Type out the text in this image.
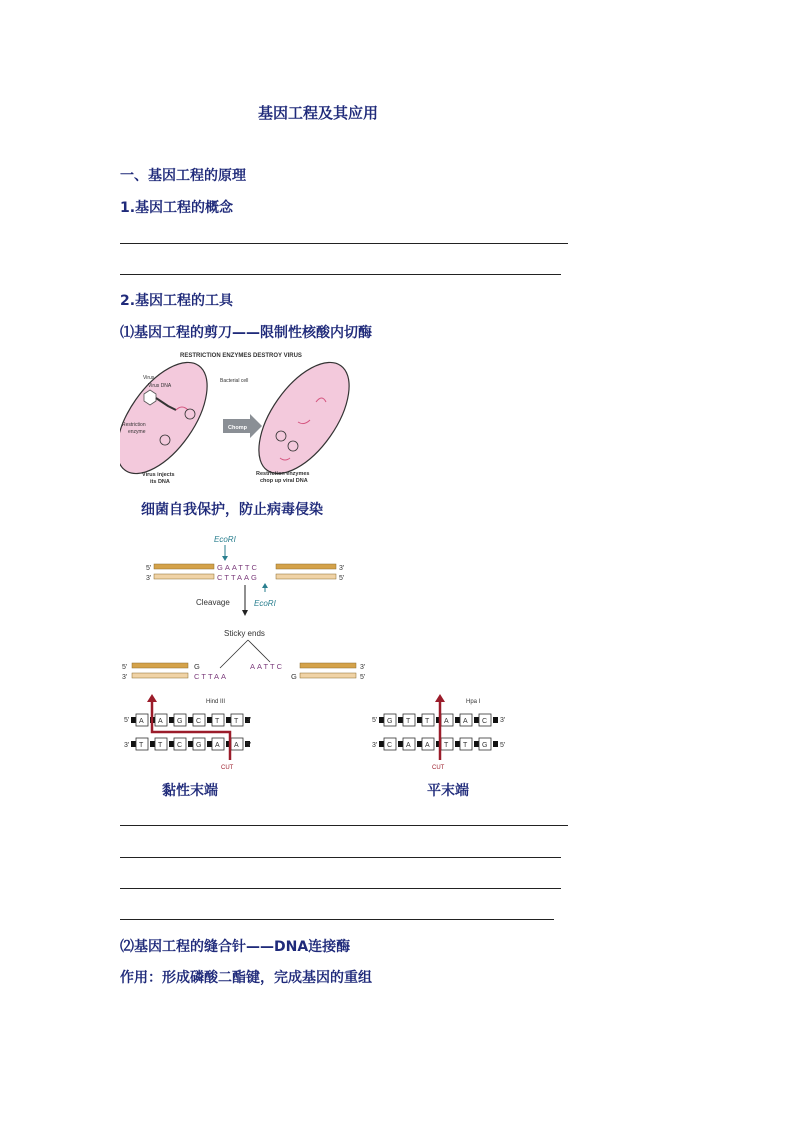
基因工程及其应用
一、基因工程的原理
1.基因工程的概念
2.基因工程的工具
⑴基因工程的剪刀——限制性核酸内切酶
RESTRICTION ENZYMES DESTROY VIRUS
Virus
Virus DNA
Bacterial cell
Restriction
enzyme
Chomp
Virus injects
its DNA
Restriction enzymes
chop up viral DNA
细菌自我保护，防止病毒侵染
EcoRI
5'
3'
GAATTC
CTTAAG
3'
5'
EcoRI
Cleavage
Sticky ends
5'
3'
G
CTTAA
AATTC
G
3'
5'
Hind III	Hpa I
A A G C T T
T T C G A A
G T T A A C
C A A T T G
5'	3'
3'	5'
5'	3'
3'	5'
CUT	CUT
黏性末端	平末端
⑵基因工程的缝合针——DNA连接酶
作用：形成磷酸二酯键，完成基因的重组
